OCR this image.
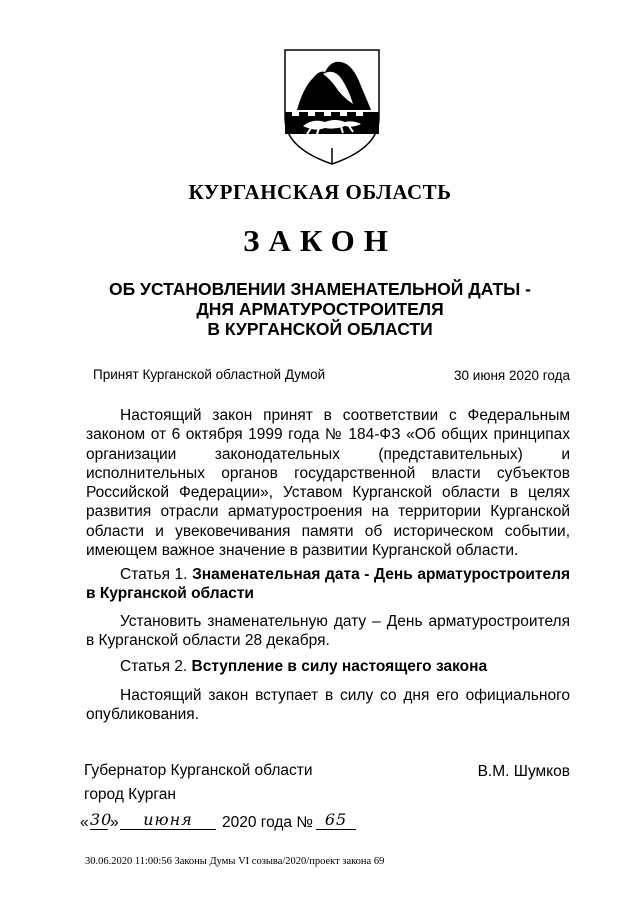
КУРГАНСКАЯ ОБЛАСТЬ
ЗАКОН
ОБ УСТАНОВЛЕНИИ ЗНАМЕНАТЕЛЬНОЙ ДАТЫ -
ДНЯ АРМАТУРОСТРОИТЕЛЯ
В КУРГАНСКОЙ ОБЛАСТИ
Принят Курганской областной Думой	30 июня 2020 года

Настоящий закон принят в соответствии с Федеральным законом от 6 октября 1999 года № 184-ФЗ «Об общих принципах организации законодательных (представительных) и исполнительных органов государственной власти субъектов Российской Федерации», Уставом Курганской области в целях развития отрасли арматуростроения на территории Курганской области и увековечивания памяти об историческом событии, имеющем важное значение в развитии Курганской области.

Статья 1. Знаменательная дата - День арматуростроителя в Курганской области

Установить знаменательную дату – День арматуростроителя в Курганской области 28 декабря.

Статья 2. Вступление в силу настоящего закона

Настоящий закон вступает в силу со дня его официального опубликования.

Губернатор Курганской области	В.М. Шумков
город Курган
« 30
»	июня	2020 года № 65
30.06.2020 11:00:56 Законы Думы VI созыва/2020/проект закона 69
